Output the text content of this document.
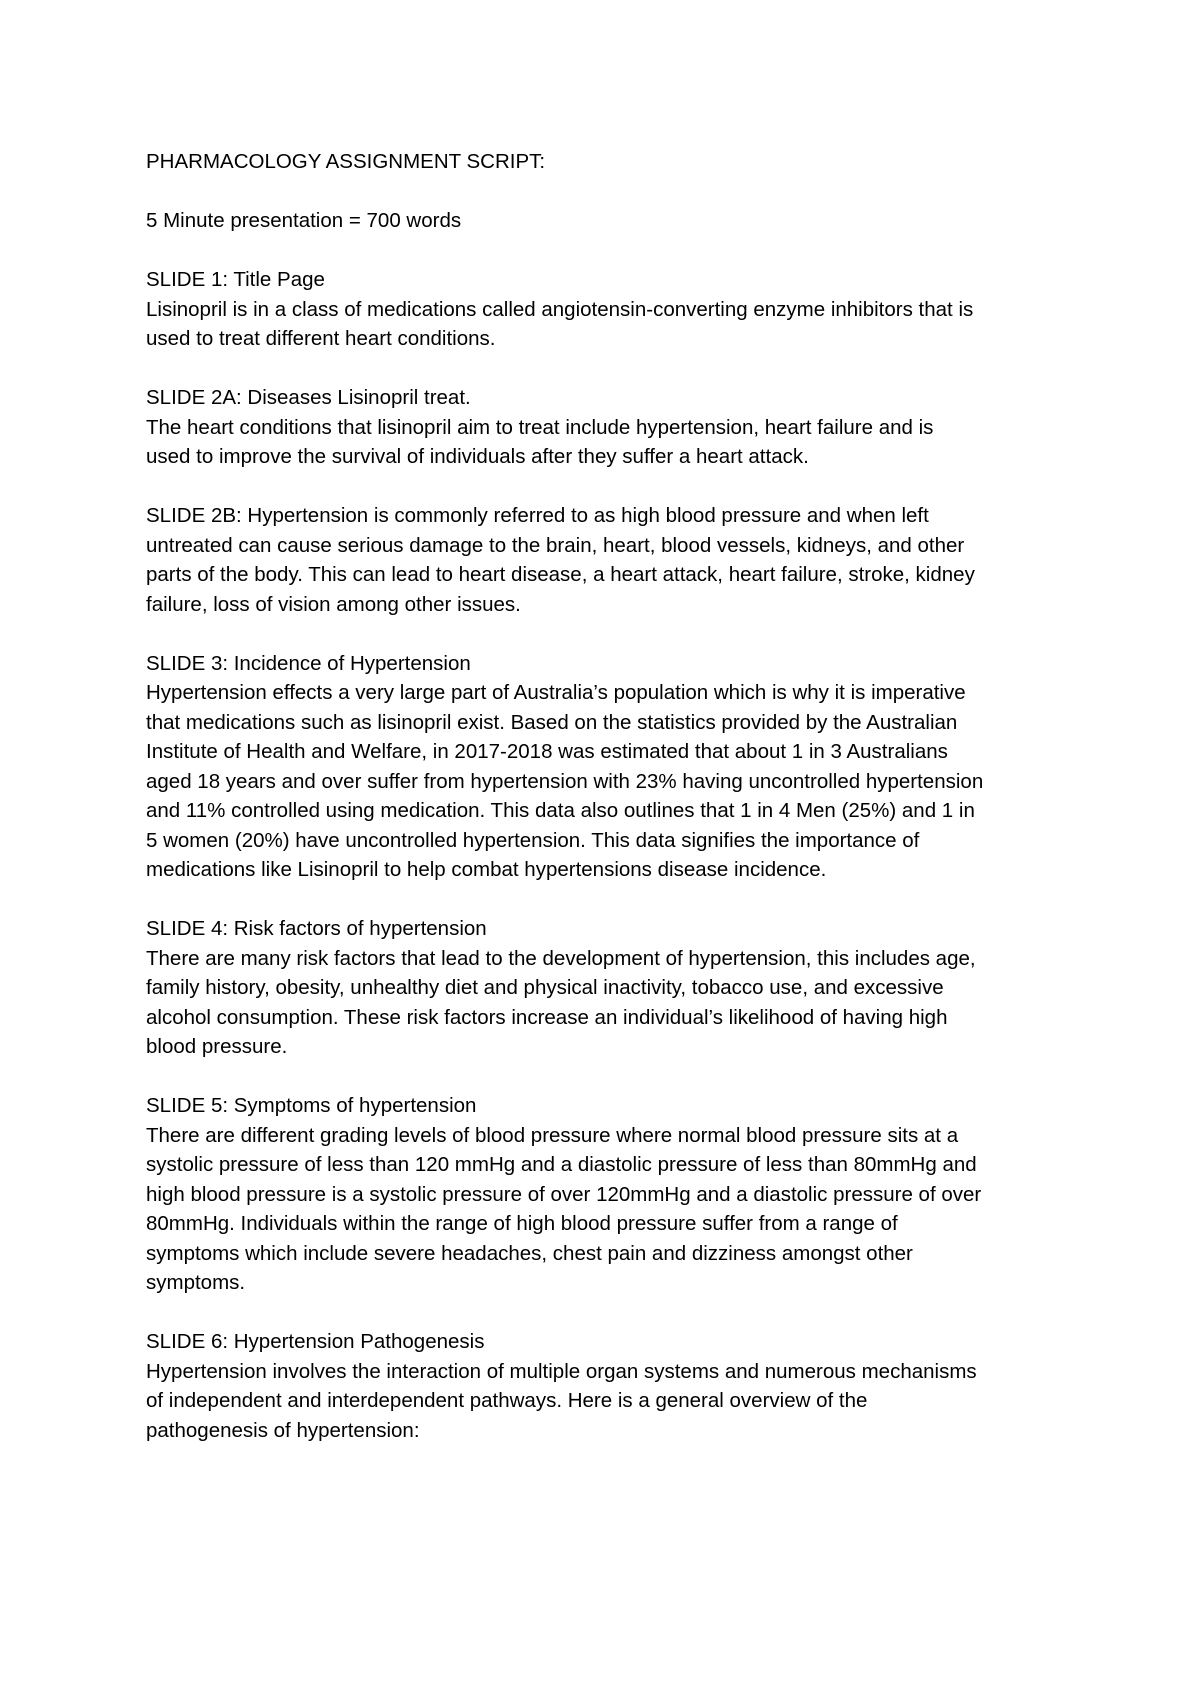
PHARMACOLOGY ASSIGNMENT SCRIPT:
5 Minute presentation = 700 words
SLIDE 1: Title Page
Lisinopril is in a class of medications called angiotensin-converting enzyme inhibitors that is
used to treat different heart conditions.
SLIDE 2A: Diseases Lisinopril treat.
The heart conditions that lisinopril aim to treat include hypertension, heart failure and is
used to improve the survival of individuals after they suffer a heart attack.
SLIDE 2B: Hypertension is commonly referred to as high blood pressure and when left
untreated can cause serious damage to the brain, heart, blood vessels, kidneys, and other
parts of the body. This can lead to heart disease, a heart attack, heart failure, stroke, kidney
failure, loss of vision among other issues.
SLIDE 3: Incidence of Hypertension
Hypertension effects a very large part of Australia’s population which is why it is imperative
that medications such as lisinopril exist. Based on the statistics provided by the Australian
Institute of Health and Welfare, in 2017-2018 was estimated that about 1 in 3 Australians
aged 18 years and over suffer from hypertension with 23% having uncontrolled hypertension
and 11% controlled using medication. This data also outlines that 1 in 4 Men (25%) and 1 in
5 women (20%) have uncontrolled hypertension. This data signifies the importance of
medications like Lisinopril to help combat hypertensions disease incidence.
SLIDE 4: Risk factors of hypertension
There are many risk factors that lead to the development of hypertension, this includes age,
family history, obesity, unhealthy diet and physical inactivity, tobacco use, and excessive
alcohol consumption. These risk factors increase an individual’s likelihood of having high
blood pressure.
SLIDE 5: Symptoms of hypertension
There are different grading levels of blood pressure where normal blood pressure sits at a
systolic pressure of less than 120 mmHg and a diastolic pressure of less than 80mmHg and
high blood pressure is a systolic pressure of over 120mmHg and a diastolic pressure of over
80mmHg. Individuals within the range of high blood pressure suffer from a range of
symptoms which include severe headaches, chest pain and dizziness amongst other
symptoms.
SLIDE 6: Hypertension Pathogenesis
Hypertension involves the interaction of multiple organ systems and numerous mechanisms
of independent and interdependent pathways. Here is a general overview of the
pathogenesis of hypertension:
